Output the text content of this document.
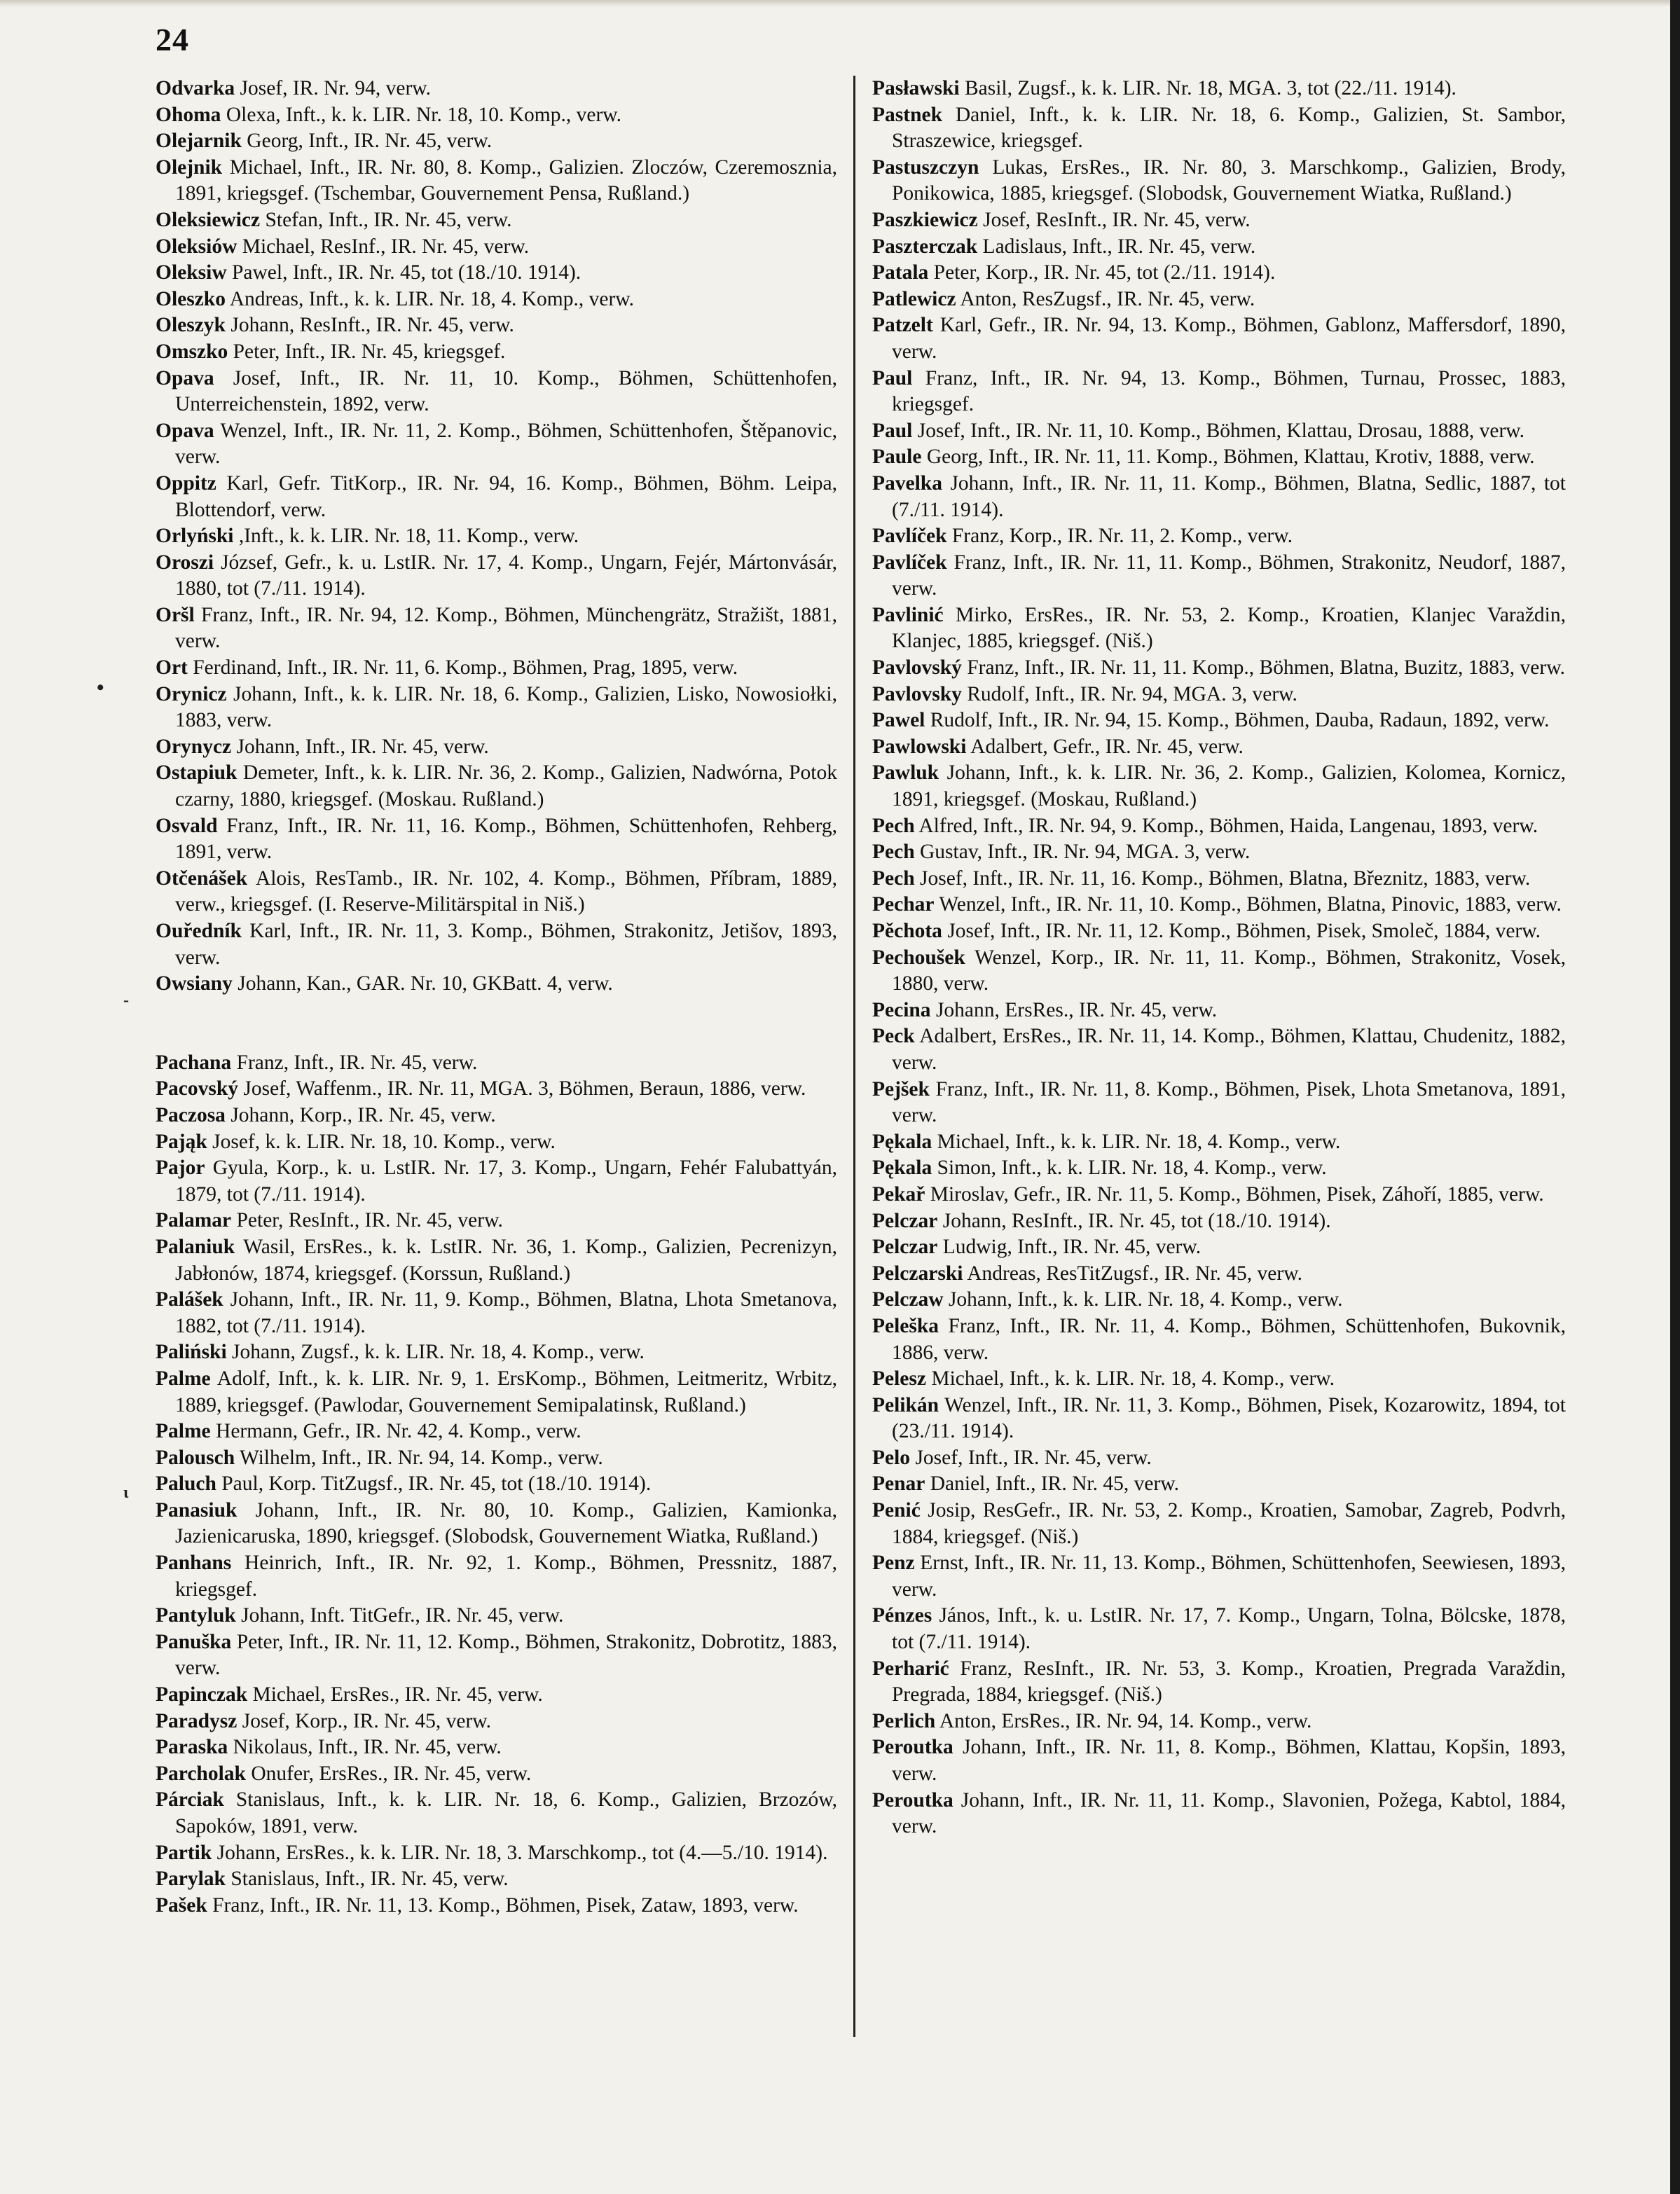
24

Odvarka Josef, IR. Nr. 94, verw.

Ohoma Olexa, Inft., k. k. LIR. Nr. 18, 10. Komp., verw.

Olejarnik Georg, Inft., IR. Nr. 45, verw.

Olejnik Michael, Inft., IR. Nr. 80, 8. Komp., Galizien. Zloczów, Czeremosznia, 1891, kriegsgef. (Tschembar, Gouvernement Pensa, Rußland.)

Oleksiewicz Stefan, Inft., IR. Nr. 45, verw.

Oleksiów Michael, ResInf., IR. Nr. 45, verw.

Oleksiw Pawel, Inft., IR. Nr. 45, tot (18./10. 1914).

Oleszko Andreas, Inft., k. k. LIR. Nr. 18, 4. Komp., verw.

Oleszyk Johann, ResInft., IR. Nr. 45, verw.

Omszko Peter, Inft., IR. Nr. 45, kriegsgef.

Opava Josef, Inft., IR. Nr. 11, 10. Komp., Böhmen, Schüttenhofen, Unterreichenstein, 1892, verw.

Opava Wenzel, Inft., IR. Nr. 11, 2. Komp., Böhmen, Schüttenhofen, Štěpanovic, verw.

Oppitz Karl, Gefr. TitKorp., IR. Nr. 94, 16. Komp., Böhmen, Böhm. Leipa, Blottendorf, verw.

Orlyński ,Inft., k. k. LIR. Nr. 18, 11. Komp., verw.

Oroszi József, Gefr., k. u. LstIR. Nr. 17, 4. Komp., Ungarn, Fejér, Mártonvásár, 1880, tot (7./11. 1914).

Oršl Franz, Inft., IR. Nr. 94, 12. Komp., Böhmen, Münchengrätz, Stražišt, 1881, verw.

Ort Ferdinand, Inft., IR. Nr. 11, 6. Komp., Böhmen, Prag, 1895, verw.

Orynicz Johann, Inft., k. k. LIR. Nr. 18, 6. Komp., Galizien, Lisko, Nowosiołki, 1883, verw.

Orynycz Johann, Inft., IR. Nr. 45, verw.

Ostapiuk Demeter, Inft., k. k. LIR. Nr. 36, 2. Komp., Galizien, Nadwórna, Potok czarny, 1880, kriegsgef. (Moskau. Rußland.)

Osvald Franz, Inft., IR. Nr. 11, 16. Komp., Böhmen, Schüttenhofen, Rehberg, 1891, verw.

Otčenášek Alois, ResTamb., IR. Nr. 102, 4. Komp., Böhmen, Příbram, 1889, verw., kriegsgef. (I. Reserve-Militärspital in Niš.)

Ouředník Karl, Inft., IR. Nr. 11, 3. Komp., Böhmen, Strakonitz, Jetišov, 1893, verw.

Owsiany Johann, Kan., GAR. Nr. 10, GKBatt. 4, verw.

Pachana Franz, Inft., IR. Nr. 45, verw.

Pacovský Josef, Waffenm., IR. Nr. 11, MGA. 3, Böhmen, Beraun, 1886, verw.

Paczosa Johann, Korp., IR. Nr. 45, verw.

Pająk Josef, k. k. LIR. Nr. 18, 10. Komp., verw.

Pajor Gyula, Korp., k. u. LstIR. Nr. 17, 3. Komp., Ungarn, Fehér Falubattyán, 1879, tot (7./11. 1914).

Palamar Peter, ResInft., IR. Nr. 45, verw.

Palaniuk Wasil, ErsRes., k. k. LstIR. Nr. 36, 1. Komp., Galizien, Pecrenizyn, Jabłonów, 1874, kriegsgef. (Korssun, Rußland.)

Palášek Johann, Inft., IR. Nr. 11, 9. Komp., Böhmen, Blatna, Lhota Smetanova, 1882, tot (7./11. 1914).

Paliński Johann, Zugsf., k. k. LIR. Nr. 18, 4. Komp., verw.

Palme Adolf, Inft., k. k. LIR. Nr. 9, 1. ErsKomp., Böhmen, Leitmeritz, Wrbitz, 1889, kriegsgef. (Pawlodar, Gouvernement Semipalatinsk, Rußland.)

Palme Hermann, Gefr., IR. Nr. 42, 4. Komp., verw.

Palousch Wilhelm, Inft., IR. Nr. 94, 14. Komp., verw.

Paluch Paul, Korp. TitZugsf., IR. Nr. 45, tot (18./10. 1914).

Panasiuk Johann, Inft., IR. Nr. 80, 10. Komp., Galizien, Kamionka, Jazienicaruska, 1890, kriegsgef. (Slobodsk, Gouvernement Wiatka, Rußland.)

Panhans Heinrich, Inft., IR. Nr. 92, 1. Komp., Böhmen, Pressnitz, 1887, kriegsgef.

Pantyluk Johann, Inft. TitGefr., IR. Nr. 45, verw.

Panuška Peter, Inft., IR. Nr. 11, 12. Komp., Böhmen, Strakonitz, Dobrotitz, 1883, verw.

Papinczak Michael, ErsRes., IR. Nr. 45, verw.

Paradysz Josef, Korp., IR. Nr. 45, verw.

Paraska Nikolaus, Inft., IR. Nr. 45, verw.

Parcholak Onufer, ErsRes., IR. Nr. 45, verw.

Párciak Stanislaus, Inft., k. k. LIR. Nr. 18, 6. Komp., Galizien, Brzozów, Sapoków, 1891, verw.

Partik Johann, ErsRes., k. k. LIR. Nr. 18, 3. Marschkomp., tot (4.—5./10. 1914).

Parylak Stanislaus, Inft., IR. Nr. 45, verw.

Pašek Franz, Inft., IR. Nr. 11, 13. Komp., Böhmen, Pisek, Zataw, 1893, verw.

Pasławski Basil, Zugsf., k. k. LIR. Nr. 18, MGA. 3, tot (22./11. 1914).

Pastnek Daniel, Inft., k. k. LIR. Nr. 18, 6. Komp., Galizien, St. Sambor, Straszewice, kriegsgef.

Pastuszczyn Lukas, ErsRes., IR. Nr. 80, 3. Marschkomp., Galizien, Brody, Ponikowica, 1885, kriegsgef. (Slobodsk, Gouvernement Wiatka, Rußland.)

Paszkiewicz Josef, ResInft., IR. Nr. 45, verw.

Paszterczak Ladislaus, Inft., IR. Nr. 45, verw.

Patala Peter, Korp., IR. Nr. 45, tot (2./11. 1914).

Patlewicz Anton, ResZugsf., IR. Nr. 45, verw.

Patzelt Karl, Gefr., IR. Nr. 94, 13. Komp., Böhmen, Gablonz, Maffersdorf, 1890, verw.

Paul Franz, Inft., IR. Nr. 94, 13. Komp., Böhmen, Turnau, Prossec, 1883, kriegsgef.

Paul Josef, Inft., IR. Nr. 11, 10. Komp., Böhmen, Klattau, Drosau, 1888, verw.

Paule Georg, Inft., IR. Nr. 11, 11. Komp., Böhmen, Klattau, Krotiv, 1888, verw.

Pavelka Johann, Inft., IR. Nr. 11, 11. Komp., Böhmen, Blatna, Sedlic, 1887, tot (7./11. 1914).

Pavlíček Franz, Korp., IR. Nr. 11, 2. Komp., verw.

Pavlíček Franz, Inft., IR. Nr. 11, 11. Komp., Böhmen, Strakonitz, Neudorf, 1887, verw.

Pavlinić Mirko, ErsRes., IR. Nr. 53, 2. Komp., Kroatien, Klanjec Varaždin, Klanjec, 1885, kriegsgef. (Niš.)

Pavlovský Franz, Inft., IR. Nr. 11, 11. Komp., Böhmen, Blatna, Buzitz, 1883, verw.

Pavlovsky Rudolf, Inft., IR. Nr. 94, MGA. 3, verw.

Pawel Rudolf, Inft., IR. Nr. 94, 15. Komp., Böhmen, Dauba, Radaun, 1892, verw.

Pawlowski Adalbert, Gefr., IR. Nr. 45, verw.

Pawluk Johann, Inft., k. k. LIR. Nr. 36, 2. Komp., Galizien, Kolomea, Kornicz, 1891, kriegsgef. (Moskau, Rußland.)

Pech Alfred, Inft., IR. Nr. 94, 9. Komp., Böhmen, Haida, Langenau, 1893, verw.

Pech Gustav, Inft., IR. Nr. 94, MGA. 3, verw.

Pech Josef, Inft., IR. Nr. 11, 16. Komp., Böhmen, Blatna, Březnitz, 1883, verw.

Pechar Wenzel, Inft., IR. Nr. 11, 10. Komp., Böhmen, Blatna, Pinovic, 1883, verw.

Pěchota Josef, Inft., IR. Nr. 11, 12. Komp., Böhmen, Pisek, Smoleč, 1884, verw.

Pechoušek Wenzel, Korp., IR. Nr. 11, 11. Komp., Böhmen, Strakonitz, Vosek, 1880, verw.

Pecina Johann, ErsRes., IR. Nr. 45, verw.

Peck Adalbert, ErsRes., IR. Nr. 11, 14. Komp., Böhmen, Klattau, Chudenitz, 1882, verw.

Pejšek Franz, Inft., IR. Nr. 11, 8. Komp., Böhmen, Pisek, Lhota Smetanova, 1891, verw.

Pękala Michael, Inft., k. k. LIR. Nr. 18, 4. Komp., verw.

Pękala Simon, Inft., k. k. LIR. Nr. 18, 4. Komp., verw.

Pekař Miroslav, Gefr., IR. Nr. 11, 5. Komp., Böhmen, Pisek, Záhoří, 1885, verw.

Pelczar Johann, ResInft., IR. Nr. 45, tot (18./10. 1914).

Pelczar Ludwig, Inft., IR. Nr. 45, verw.

Pelczarski Andreas, ResTitZugsf., IR. Nr. 45, verw.

Pelczaw Johann, Inft., k. k. LIR. Nr. 18, 4. Komp., verw.

Peleška Franz, Inft., IR. Nr. 11, 4. Komp., Böhmen, Schüttenhofen, Bukovnik, 1886, verw.

Pelesz Michael, Inft., k. k. LIR. Nr. 18, 4. Komp., verw.

Pelikán Wenzel, Inft., IR. Nr. 11, 3. Komp., Böhmen, Pisek, Kozarowitz, 1894, tot (23./11. 1914).

Pelo Josef, Inft., IR. Nr. 45, verw.

Penar Daniel, Inft., IR. Nr. 45, verw.

Penić Josip, ResGefr., IR. Nr. 53, 2. Komp., Kroatien, Samobar, Zagreb, Podvrh, 1884, kriegsgef. (Niš.)

Penz Ernst, Inft., IR. Nr. 11, 13. Komp., Böhmen, Schüttenhofen, Seewiesen, 1893, verw.

Pénzes János, Inft., k. u. LstIR. Nr. 17, 7. Komp., Ungarn, Tolna, Bölcske, 1878, tot (7./11. 1914).

Perharić Franz, ResInft., IR. Nr. 53, 3. Komp., Kroatien, Pregrada Varaždin, Pregrada, 1884, kriegsgef. (Niš.)

Perlich Anton, ErsRes., IR. Nr. 94, 14. Komp., verw.

Peroutka Johann, Inft., IR. Nr. 11, 8. Komp., Böhmen, Klattau, Kopšin, 1893, verw.

Peroutka Johann, Inft., IR. Nr. 11, 11. Komp., Slavonien, Požega, Kabtol, 1884, verw.

•
-
ɩ
